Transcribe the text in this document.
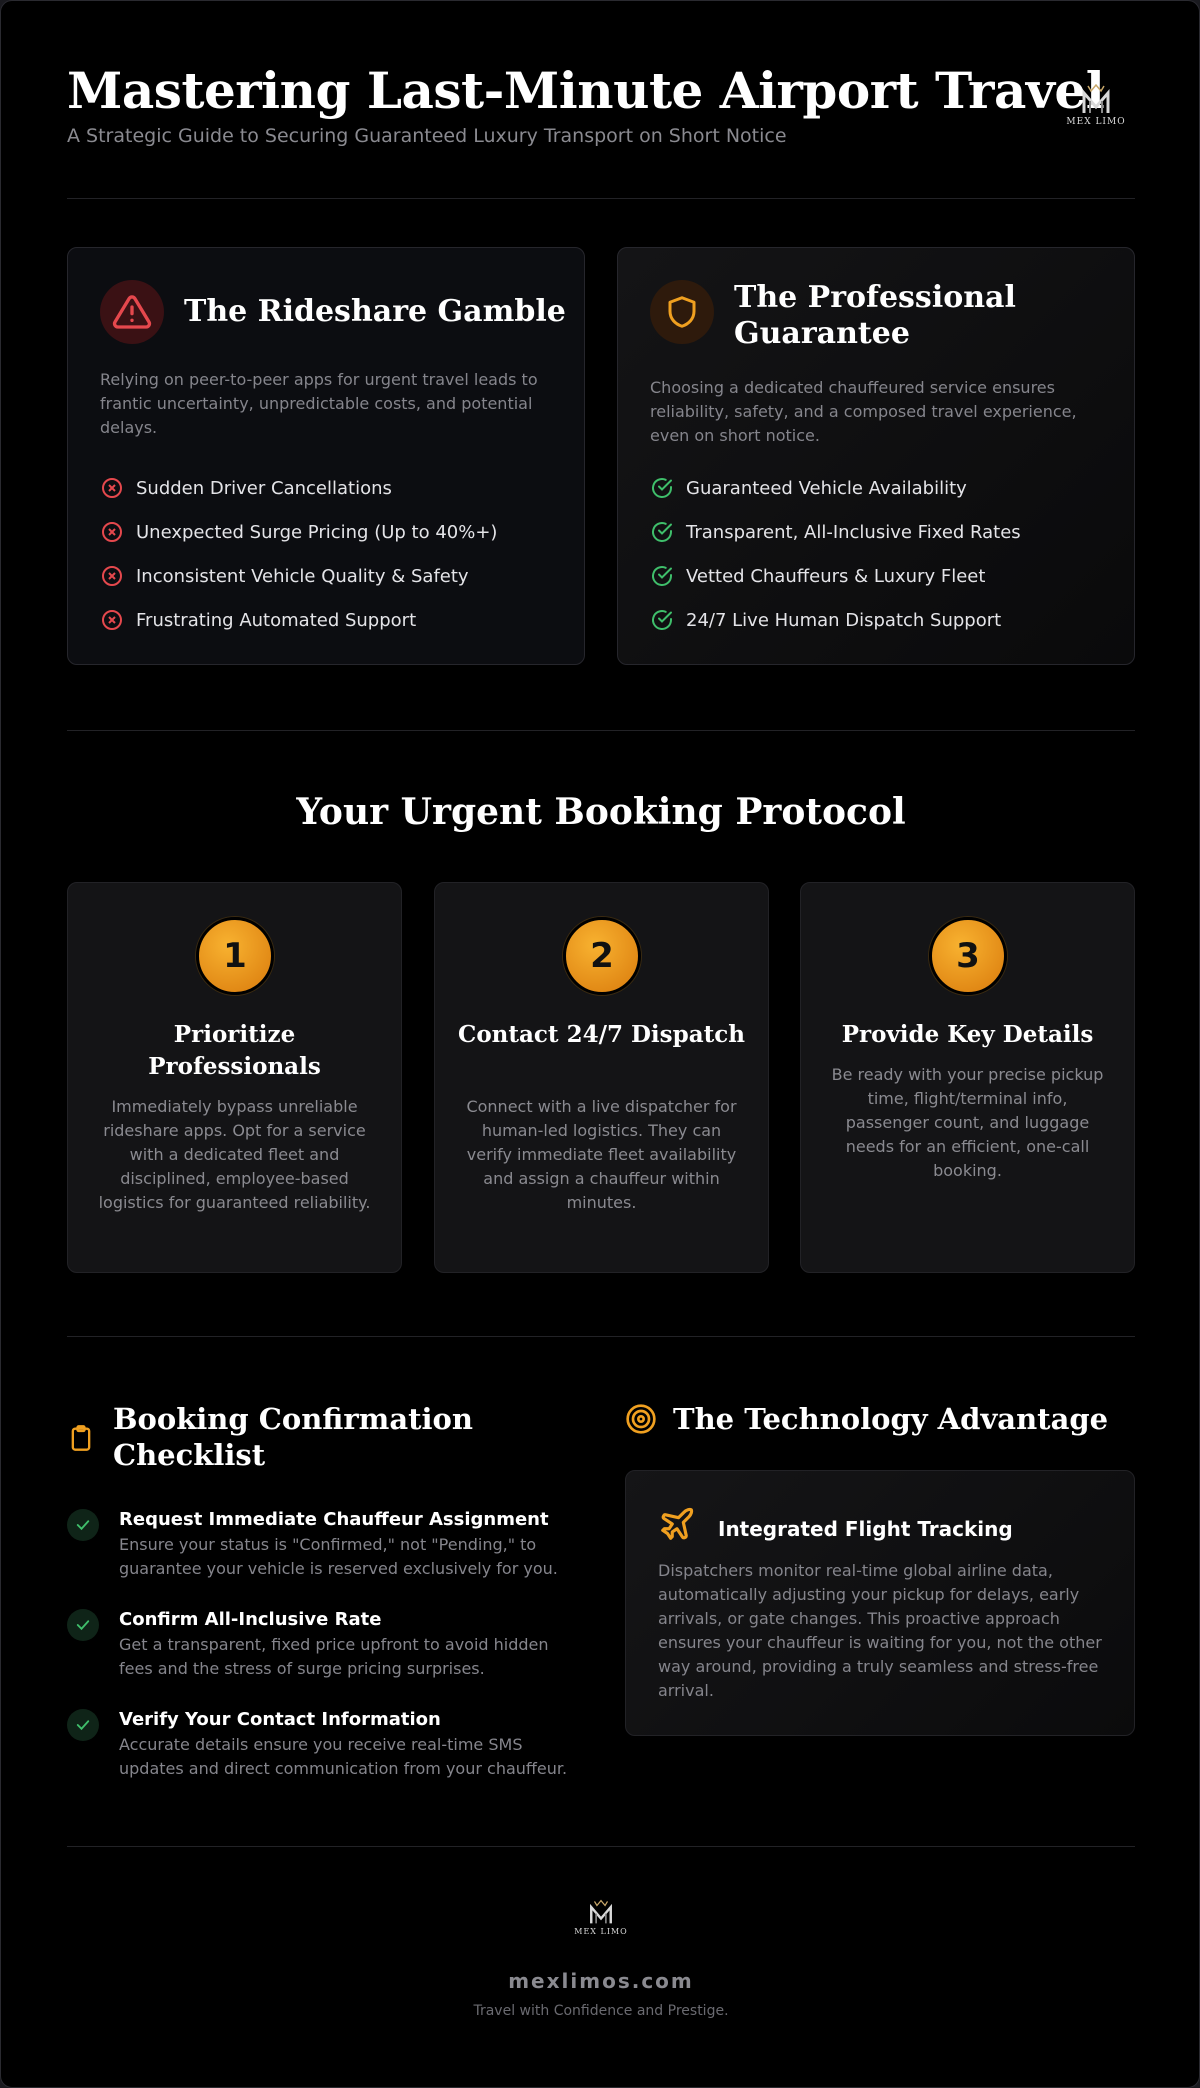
Mastering Last-Minute Airport Travel

A Strategic Guide to Securing Guaranteed Luxury Transport on Short Notice

MEX LIMO
The Rideshare Gamble

Relying on peer-to-peer apps for urgent travel leads to frantic uncertainty, unpredictable costs, and potential delays.

Sudden Driver Cancellations
Unexpected Surge Pricing (Up to 40%+)
Inconsistent Vehicle Quality & Safety
Frustrating Automated Support
The Professional
Guarantee

Choosing a dedicated chauffeured service ensures reliability, safety, and a composed travel experience, even on short notice.

Guaranteed Vehicle Availability
Transparent, All-Inclusive Fixed Rates
Vetted Chauffeurs & Luxury Fleet
24/7 Live Human Dispatch Support
Your Urgent Booking Protocol
1
Prioritize Professionals

Immediately bypass unreliable rideshare apps. Opt for a service with a dedicated fleet and disciplined, employee-based logistics for guaranteed reliability.

2
Contact 24/7 Dispatch

Connect with a live dispatcher for human-led logistics. They can verify immediate fleet availability and assign a chauffeur within minutes.

3
Provide Key Details

Be ready with your precise pickup time, flight/terminal info, passenger count, and luggage needs for an efficient, one-call booking.

Booking Confirmation Checklist
Request Immediate Chauffeur Assignment
Ensure your status is "Confirmed," not "Pending," to guarantee your vehicle is reserved exclusively for you.
Confirm All-Inclusive Rate
Get a transparent, fixed price upfront to avoid hidden fees and the stress of surge pricing surprises.
Verify Your Contact Information
Accurate details ensure you receive real-time SMS updates and direct communication from your chauffeur.
The Technology Advantage
Integrated Flight Tracking

Dispatchers monitor real-time global airline data, automatically adjusting your pickup for delays, early arrivals, or gate changes. This proactive approach ensures your chauffeur is waiting for you, not the other way around, providing a truly seamless and stress-free arrival.

MEX LIMO
mexlimos.com
Travel with Confidence and Prestige.
